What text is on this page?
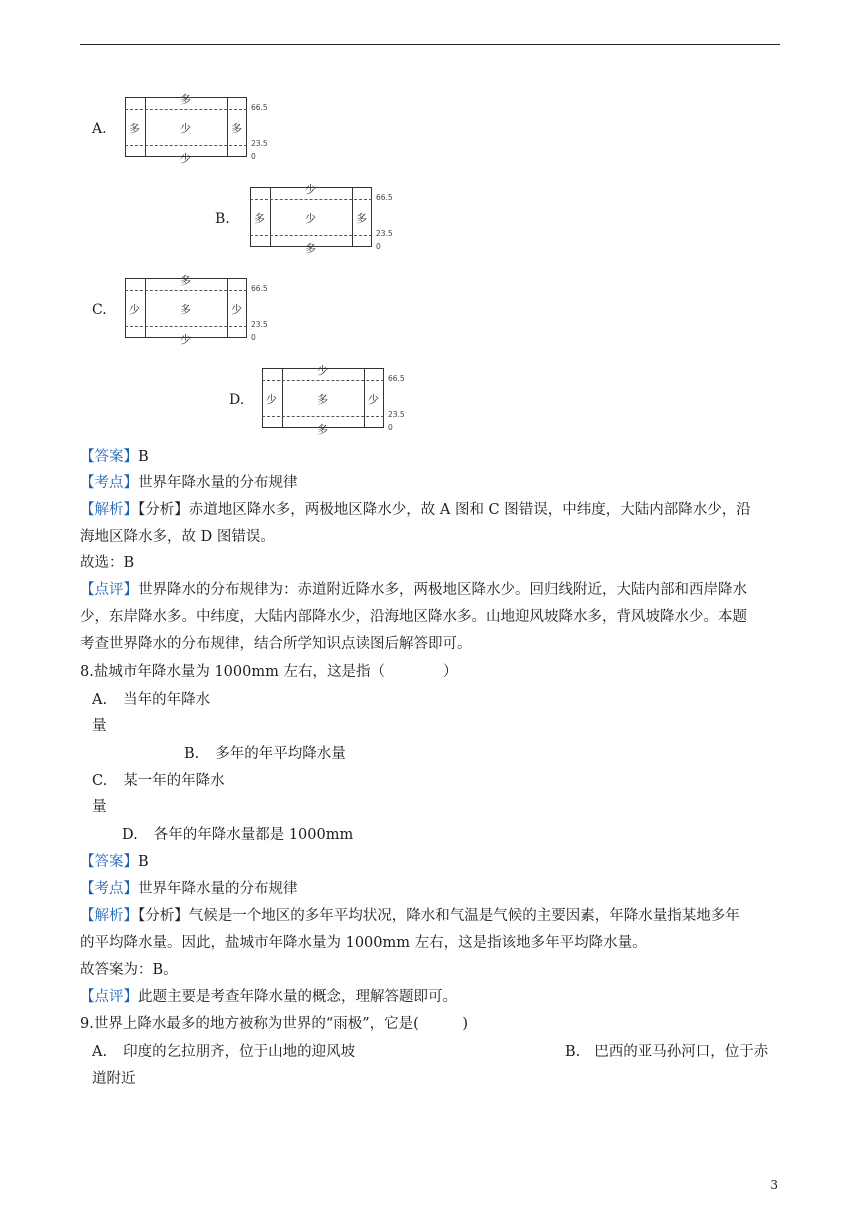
A.
多
多	少	多
少
66.5
23.5
0
B.
少
多	少	多
多
66.5
23.5
0
C.
多
少	多	少
少
66.5
23.5
0
D.
少
少	多	少
多
66.5
23.5
0
【答案】B
【考点】世界年降水量的分布规律
【解析】【分析】赤道地区降水多，两极地区降水少，故 A 图和 C 图错误，中纬度，大陆内部降水少，沿
海地区降水多，故 D 图错误。
故选：B
【点评】世界降水的分布规律为：赤道附近降水多，两极地区降水少。回归线附近，大陆内部和西岸降水
少，东岸降水多。中纬度，大陆内部降水少，沿海地区降水多。山地迎风坡降水多，背风坡降水少。本题
考查世界降水的分布规律，结合所学知识点读图后解答即可。
8.盐城市年降水量为 1000mm 左右，这是指（　　　　）
A. 当年的年降水
量
B. 多年的年平均降水量
C. 某一年的年降水
量
D. 各年的年降水量都是 1000mm
【答案】B
【考点】世界年降水量的分布规律
【解析】【分析】气候是一个地区的多年平均状况，降水和气温是气候的主要因素，年降水量指某地多年
的平均降水量。因此，盐城市年降水量为 1000mm 左右，这是指该地多年平均降水量。
故答案为：B。
【点评】此题主要是考查年降水量的概念，理解答题即可。
9.世界上降水最多的地方被称为世界的“雨极”，它是(　　　)
A. 印度的乞拉朋齐，位于山地的迎风坡	B. 巴西的亚马孙河口，位于赤
道附近
3
